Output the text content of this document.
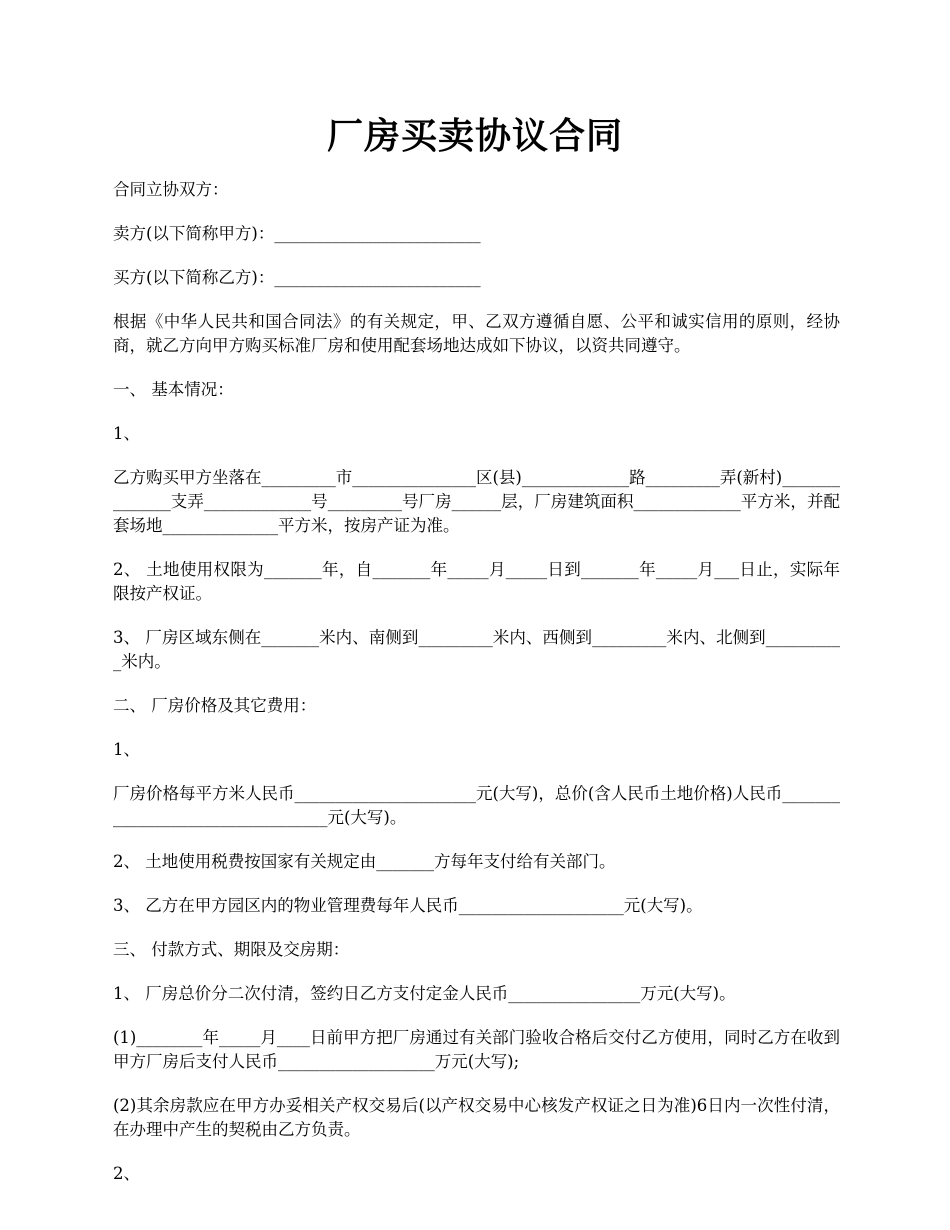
厂房买卖协议合同

合同立协双方：

卖方(以下简称甲方)：_________________________

买方(以下简称乙方)：_________________________

根据《中华人民共和国合同法》的有关规定，甲、乙双方遵循自愿、公平和诚实信用的原则，经协商，就乙方向甲方购买标准厂房和使用配套场地达成如下协议，以资共同遵守。

一、 基本情况：

1、

乙方购买甲方坐落在_________市_______________区(县)_____________路_________弄(新村)______________支弄_____________号_________号厂房______层，厂房建筑面积_____________平方米，并配套场地______________平方米，按房产证为准。

2、 土地使用权限为_______年，自_______年_____月_____日到_______年_____月___日止，实际年限按产权证。

3、 厂房区域东侧在_______米内、南侧到_________米内、西侧到_________米内、北侧到__________米内。

二、 厂房价格及其它费用：

1、

厂房价格每平方米人民币______________________元(大写)，总价(含人民币土地价格)人民币_________________________________元(大写)。

2、 土地使用税费按国家有关规定由_______方每年支付给有关部门。

3、 乙方在甲方园区内的物业管理费每年人民币____________________元(大写)。

三、 付款方式、期限及交房期：

1、 厂房总价分二次付清，签约日乙方支付定金人民币________________万元(大写)。

(1)________年_____月____日前甲方把厂房通过有关部门验收合格后交付乙方使用，同时乙方在收到甲方厂房后支付人民币___________________万元(大写);

(2)其余房款应在甲方办妥相关产权交易后(以产权交易中心核发产权证之日为准)6日内一次性付清，在办理中产生的契税由乙方负责。

2、
